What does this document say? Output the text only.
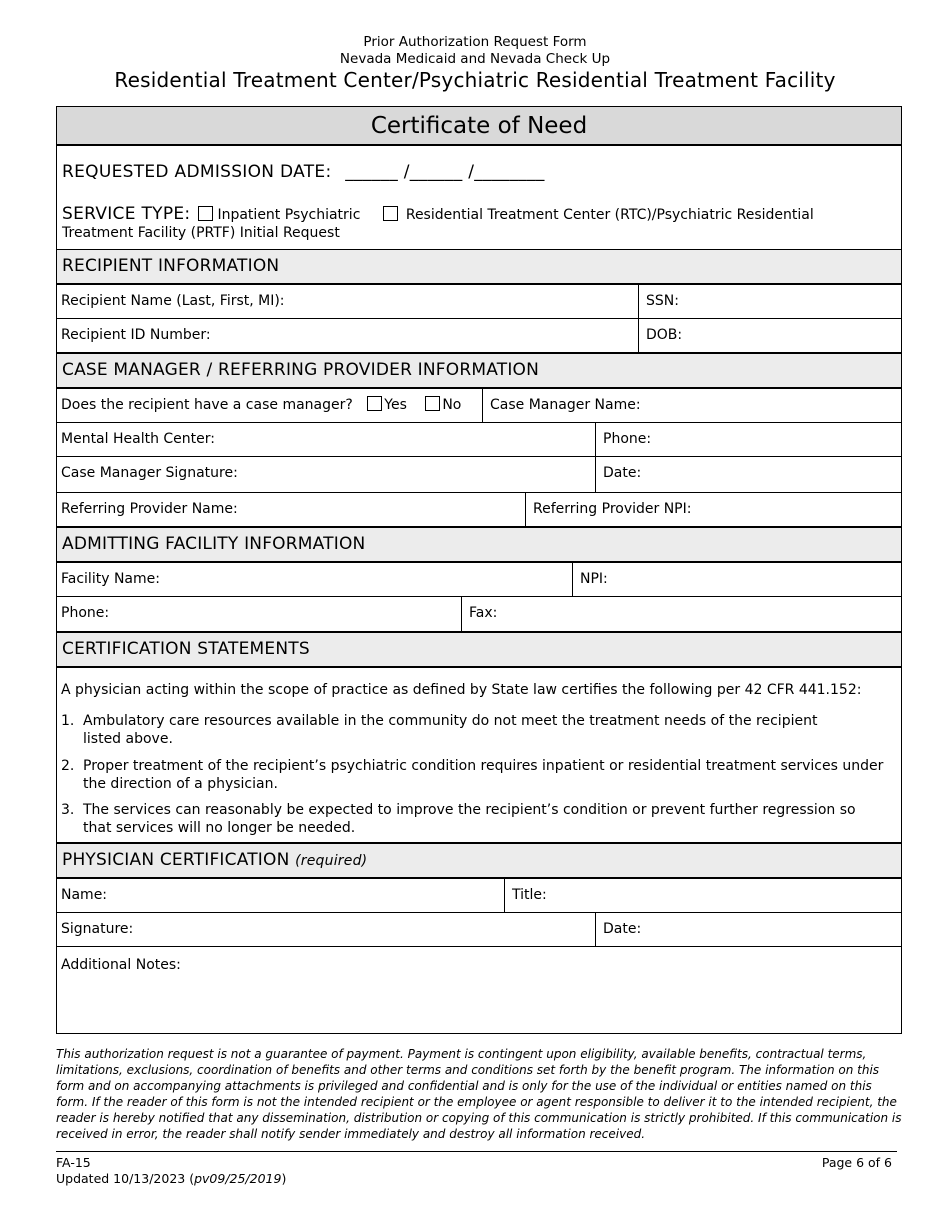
Prior Authorization Request Form
Nevada Medicaid and Nevada Check Up
Residential Treatment Center/Psychiatric Residential Treatment Facility
Certificate of Need
REQUESTED ADMISSION DATE: ______ /______ /________
SERVICE TYPE: Inpatient Psychiatric	Residential Treatment Center (RTC)/Psychiatric Residential
Treatment Facility (PRTF) Initial Request
RECIPIENT INFORMATION
Recipient Name (Last, First, MI):	SSN:
Recipient ID Number:	DOB:
CASE MANAGER / REFERRING PROVIDER INFORMATION
Does the recipient have a case manager? Yes	No	Case Manager Name:
Mental Health Center:	Phone:
Case Manager Signature:	Date:
Referring Provider Name:	Referring Provider NPI:
ADMITTING FACILITY INFORMATION
Facility Name:	NPI:
Phone:	Fax:
CERTIFICATION STATEMENTS
A physician acting within the scope of practice as defined by State law certifies the following per 42 CFR 441.152:
1. Ambulatory care resources available in the community do not meet the treatment needs of the recipient listed above.
2. Proper treatment of the recipient’s psychiatric condition requires inpatient or residential treatment services under the direction of a physician.
3. The services can reasonably be expected to improve the recipient’s condition or prevent further regression so that services will no longer be needed.
PHYSICIAN CERTIFICATION (required)
Name:	Title:
Signature:	Date:
Additional Notes:
This authorization request is not a guarantee of payment. Payment is contingent upon eligibility, available benefits, contractual terms, limitations, exclusions, coordination of benefits and other terms and conditions set forth by the benefit program. The information on this form and on accompanying attachments is privileged and confidential and is only for the use of the individual or entities named on this form. If the reader of this form is not the intended recipient or the employee or agent responsible to deliver it to the intended recipient, the reader is hereby notified that any dissemination, distribution or copying of this communication is strictly prohibited. If this communication is received in error, the reader shall notify sender immediately and destroy all information received.
FA-15
Updated 10/13/2023 (pv09/25/2019)
Page 6 of 6
